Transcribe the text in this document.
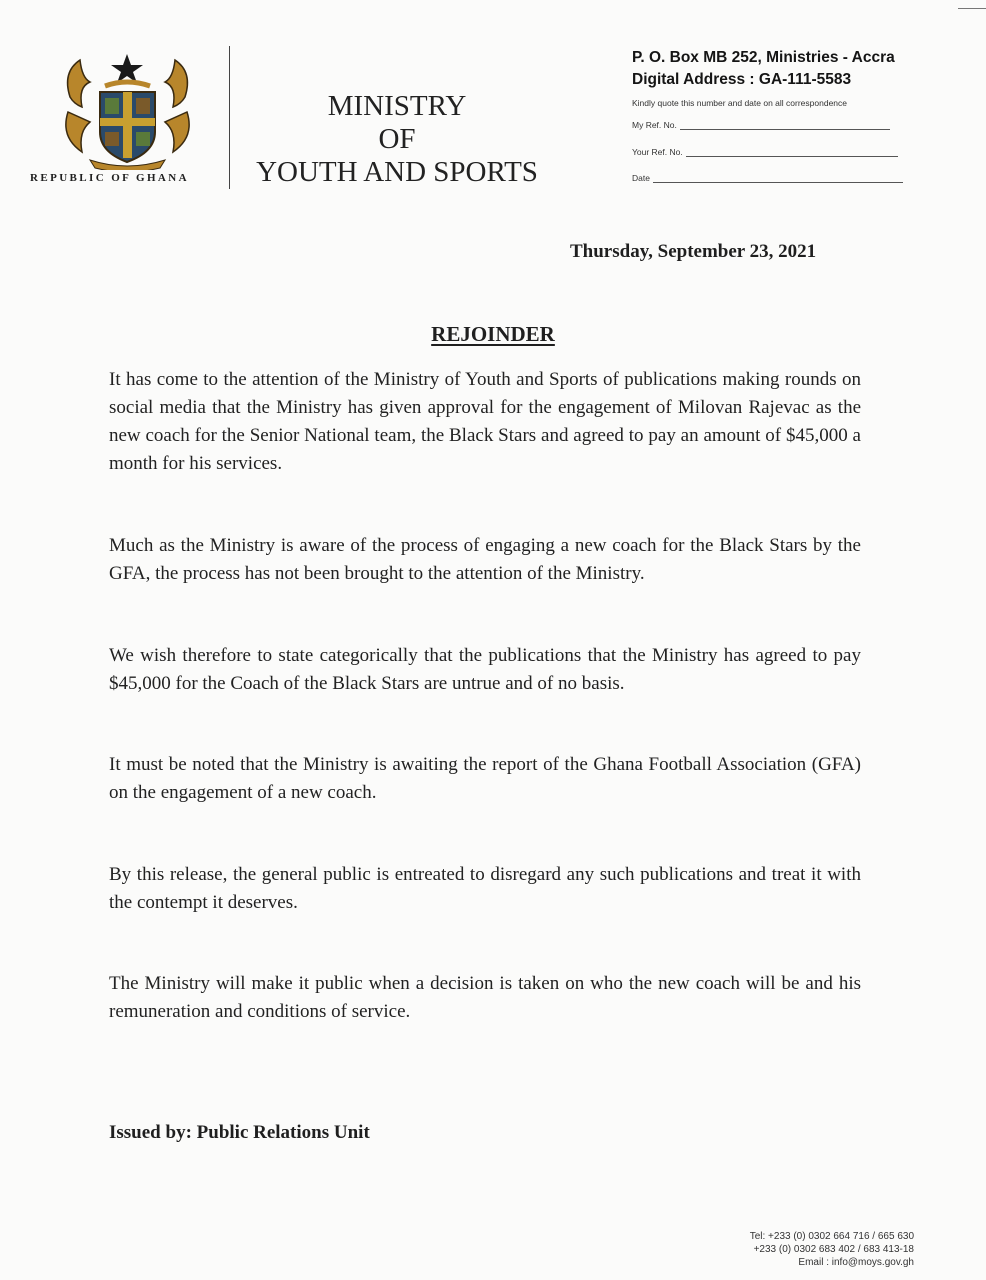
REPUBLIC OF GHANA
MINISTRY
OF
YOUTH AND SPORTS
P. O. Box MB 252, Ministries - Accra
Digital Address : GA-111-5583
Kindly quote this number and date on all correspondence
My Ref. No.
Your Ref. No.
Date
Thursday, September 23, 2021
REJOINDER

It has come to the attention of the Ministry of Youth and Sports of publications making rounds on social media that the Ministry has given approval for the engagement of Milovan Rajevac as the new coach for the Senior National team, the Black Stars and agreed to pay an amount of $45,000 a month for his services.

Much as the Ministry is aware of the process of engaging a new coach for the Black Stars by the GFA, the process has not been brought to the attention of the Ministry.

We wish therefore to state categorically that the publications that the Ministry has agreed to pay $45,000 for the Coach of the Black Stars are untrue and of no basis.

It must be noted that the Ministry is awaiting the report of the Ghana Football Association (GFA) on the engagement of a new coach.

By this release, the general public is entreated to disregard any such publications and treat it with the contempt it deserves.

The Ministry will make it public when a decision is taken on who the new coach will be and his remuneration and conditions of service.

Issued by: Public Relations Unit
Tel: +233 (0) 0302 664 716 / 665 630
+233 (0) 0302 683 402 / 683 413-18
Email : info@moys.gov.gh
